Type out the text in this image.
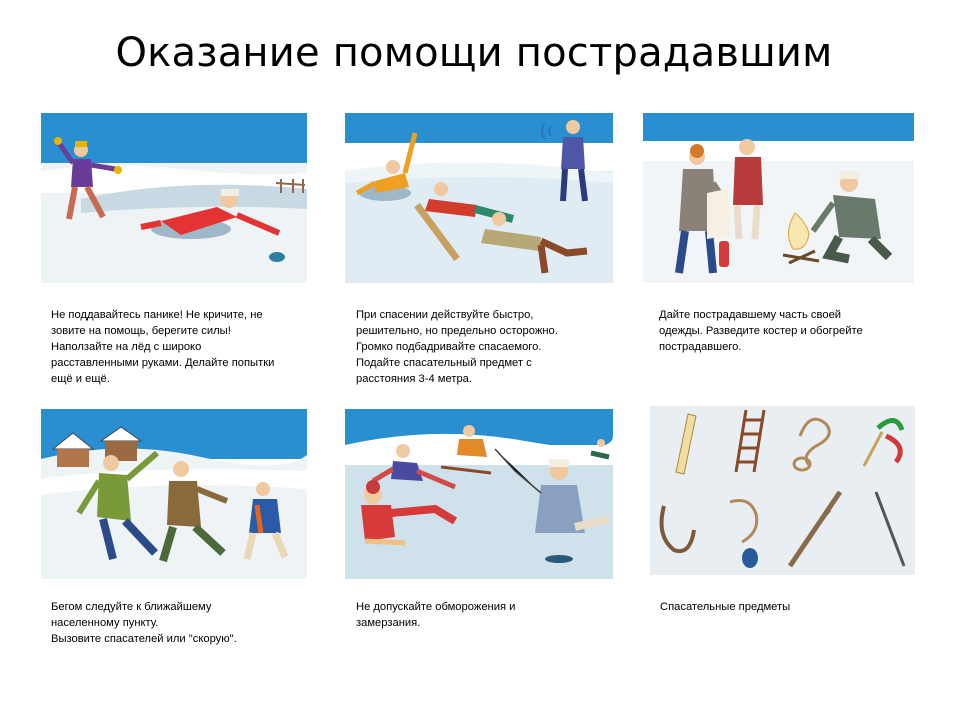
Оказание помощи пострадавшим
Не поддавайтесь панике! Не кричите, не
зовите на помощь, берегите силы!
Наползайте на лёд с широко
расставленными руками. Делайте попытки
ещё и ещё.
При спасении действуйте быстро,
решительно, но предельно осторожно.
Громко подбадривайте спасаемого.
Подайте спасательный предмет с
расстояния 3-4 метра.
Дайте пострадавшему часть своей
одежды. Разведите костер и обогрейте
пострадавшего.
Бегом следуйте к ближайшему
населенному пункту.
Вызовите спасателей или "скорую".
Не допускайте обморожения и
замерзания.
Спасательные предметы
